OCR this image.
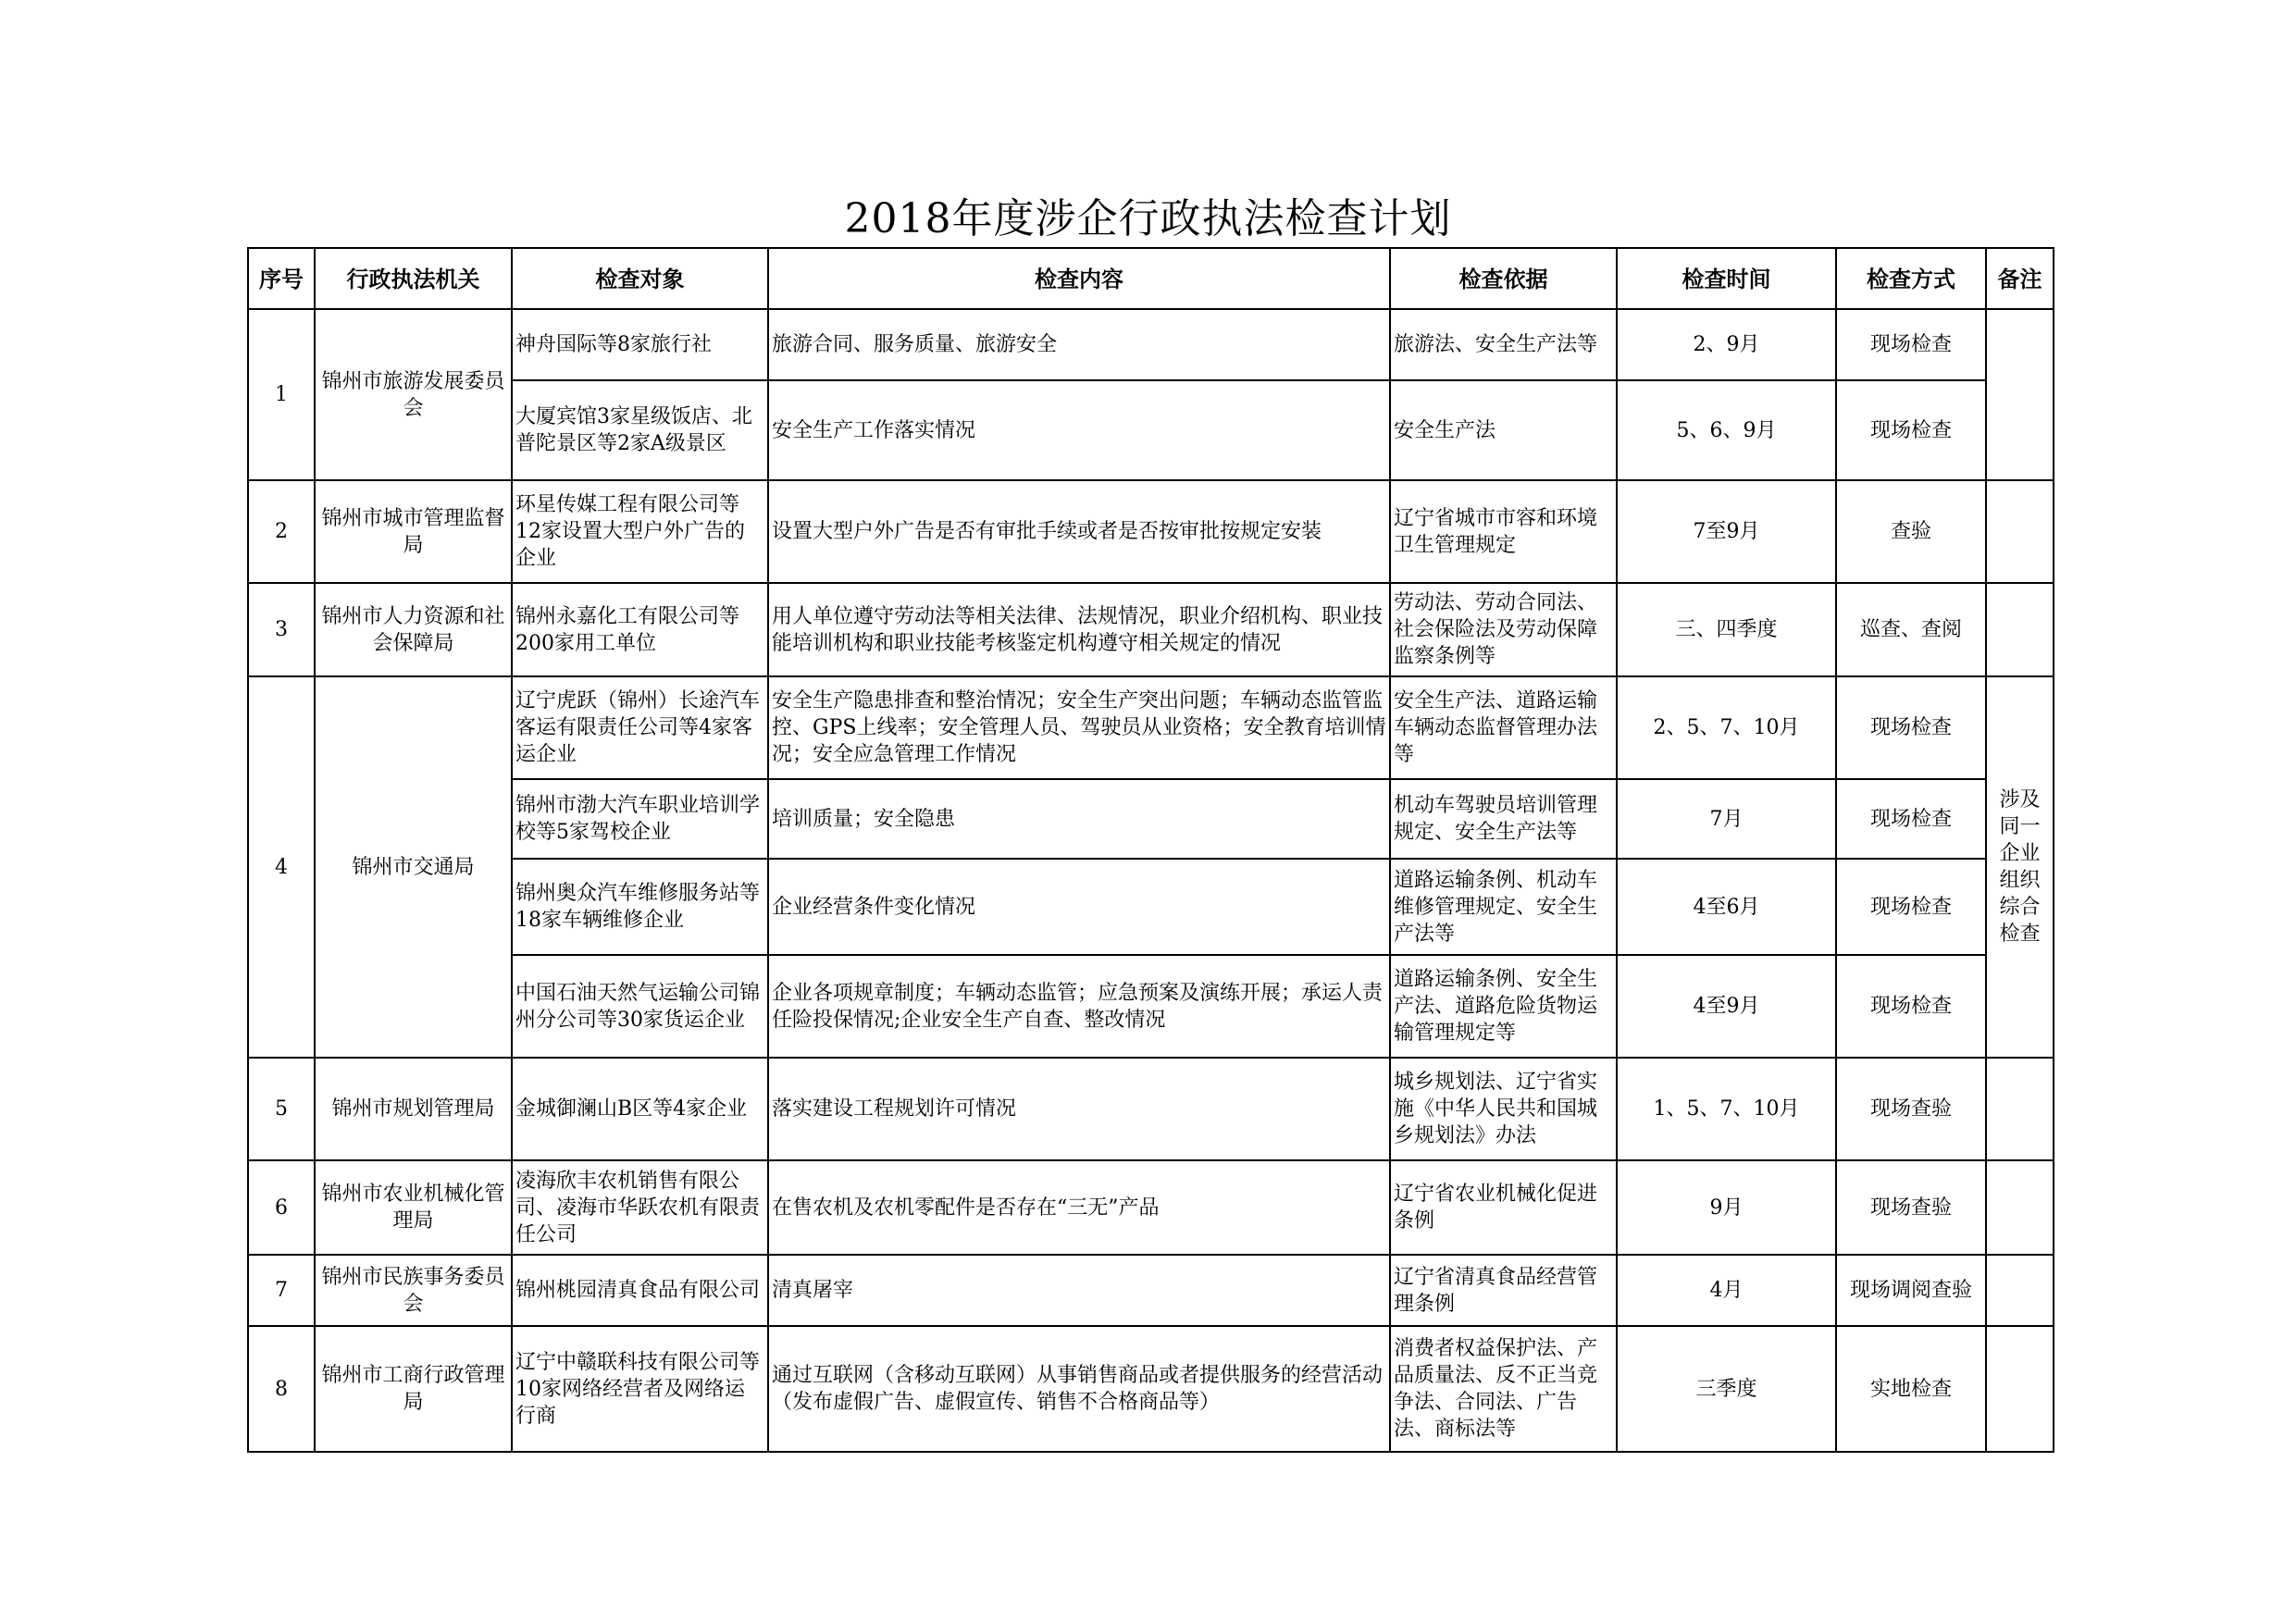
2018年度涉企行政执法检查计划
序号	行政执法机关	检查对象	检查内容	检查依据	检查时间	检查方式	备注
1	锦州市旅游发展委员会	神舟国际等8家旅行社	旅游合同、服务质量、旅游安全	旅游法、安全生产法等	2、9月	现场检查	
		大厦宾馆3家星级饭店、北普陀景区等2家A级景区	安全生产工作落实情况	安全生产法	5、6、9月	现场检查	
2	锦州市城市管理监督局	环星传媒工程有限公司等12家设置大型户外广告的企业	设置大型户外广告是否有审批手续或者是否按审批按规定安装	辽宁省城市市容和环境卫生管理规定	7至9月	查验	
3	锦州市人力资源和社会保障局	锦州永嘉化工有限公司等200家用工单位	用人单位遵守劳动法等相关法律、法规情况，职业介绍机构、职业技能培训机构和职业技能考核鉴定机构遵守相关规定的情况	劳动法、劳动合同法、社会保险法及劳动保障监察条例等	三、四季度	巡查、查阅	
4	锦州市交通局	辽宁虎跃（锦州）长途汽车客运有限责任公司等4家客运企业	安全生产隐患排查和整治情况；安全生产突出问题；车辆动态监管监控、GPS上线率；安全管理人员、驾驶员从业资格；安全教育培训情况；安全应急管理工作情况	安全生产法、道路运输车辆动态监督管理办法等	2、5、7、10月	现场检查	涉及同一企业组织综合检查
		锦州市渤大汽车职业培训学校等5家驾校企业	培训质量；安全隐患	机动车驾驶员培训管理规定、安全生产法等	7月	现场检查	
		锦州奥众汽车维修服务站等18家车辆维修企业	企业经营条件变化情况	道路运输条例、机动车维修管理规定、安全生产法等	4至6月	现场检查	
		中国石油天然气运输公司锦州分公司等30家货运企业	企业各项规章制度；车辆动态监管；应急预案及演练开展；承运人责任险投保情况;企业安全生产自查、整改情况	道路运输条例、安全生产法、道路危险货物运输管理规定等	4至9月	现场检查	
5	锦州市规划管理局	金城御澜山B区等4家企业	落实建设工程规划许可情况	城乡规划法、辽宁省实施《中华人民共和国城乡规划法》办法	1、5、7、10月	现场查验	
6	锦州市农业机械化管理局	凌海欣丰农机销售有限公司、凌海市华跃农机有限责任公司	在售农机及农机零配件是否存在“三无”产品	辽宁省农业机械化促进条例	9月	现场查验	
7	锦州市民族事务委员会	锦州桃园清真食品有限公司	清真屠宰	辽宁省清真食品经营管理条例	4月	现场调阅查验	
8	锦州市工商行政管理局	辽宁中赣联科技有限公司等10家网络经营者及网络运行商	通过互联网（含移动互联网）从事销售商品或者提供服务的经营活动（发布虚假广告、虚假宣传、销售不合格商品等）	消费者权益保护法、产品质量法、反不正当竞争法、合同法、广告法、商标法等	三季度	实地检查	
